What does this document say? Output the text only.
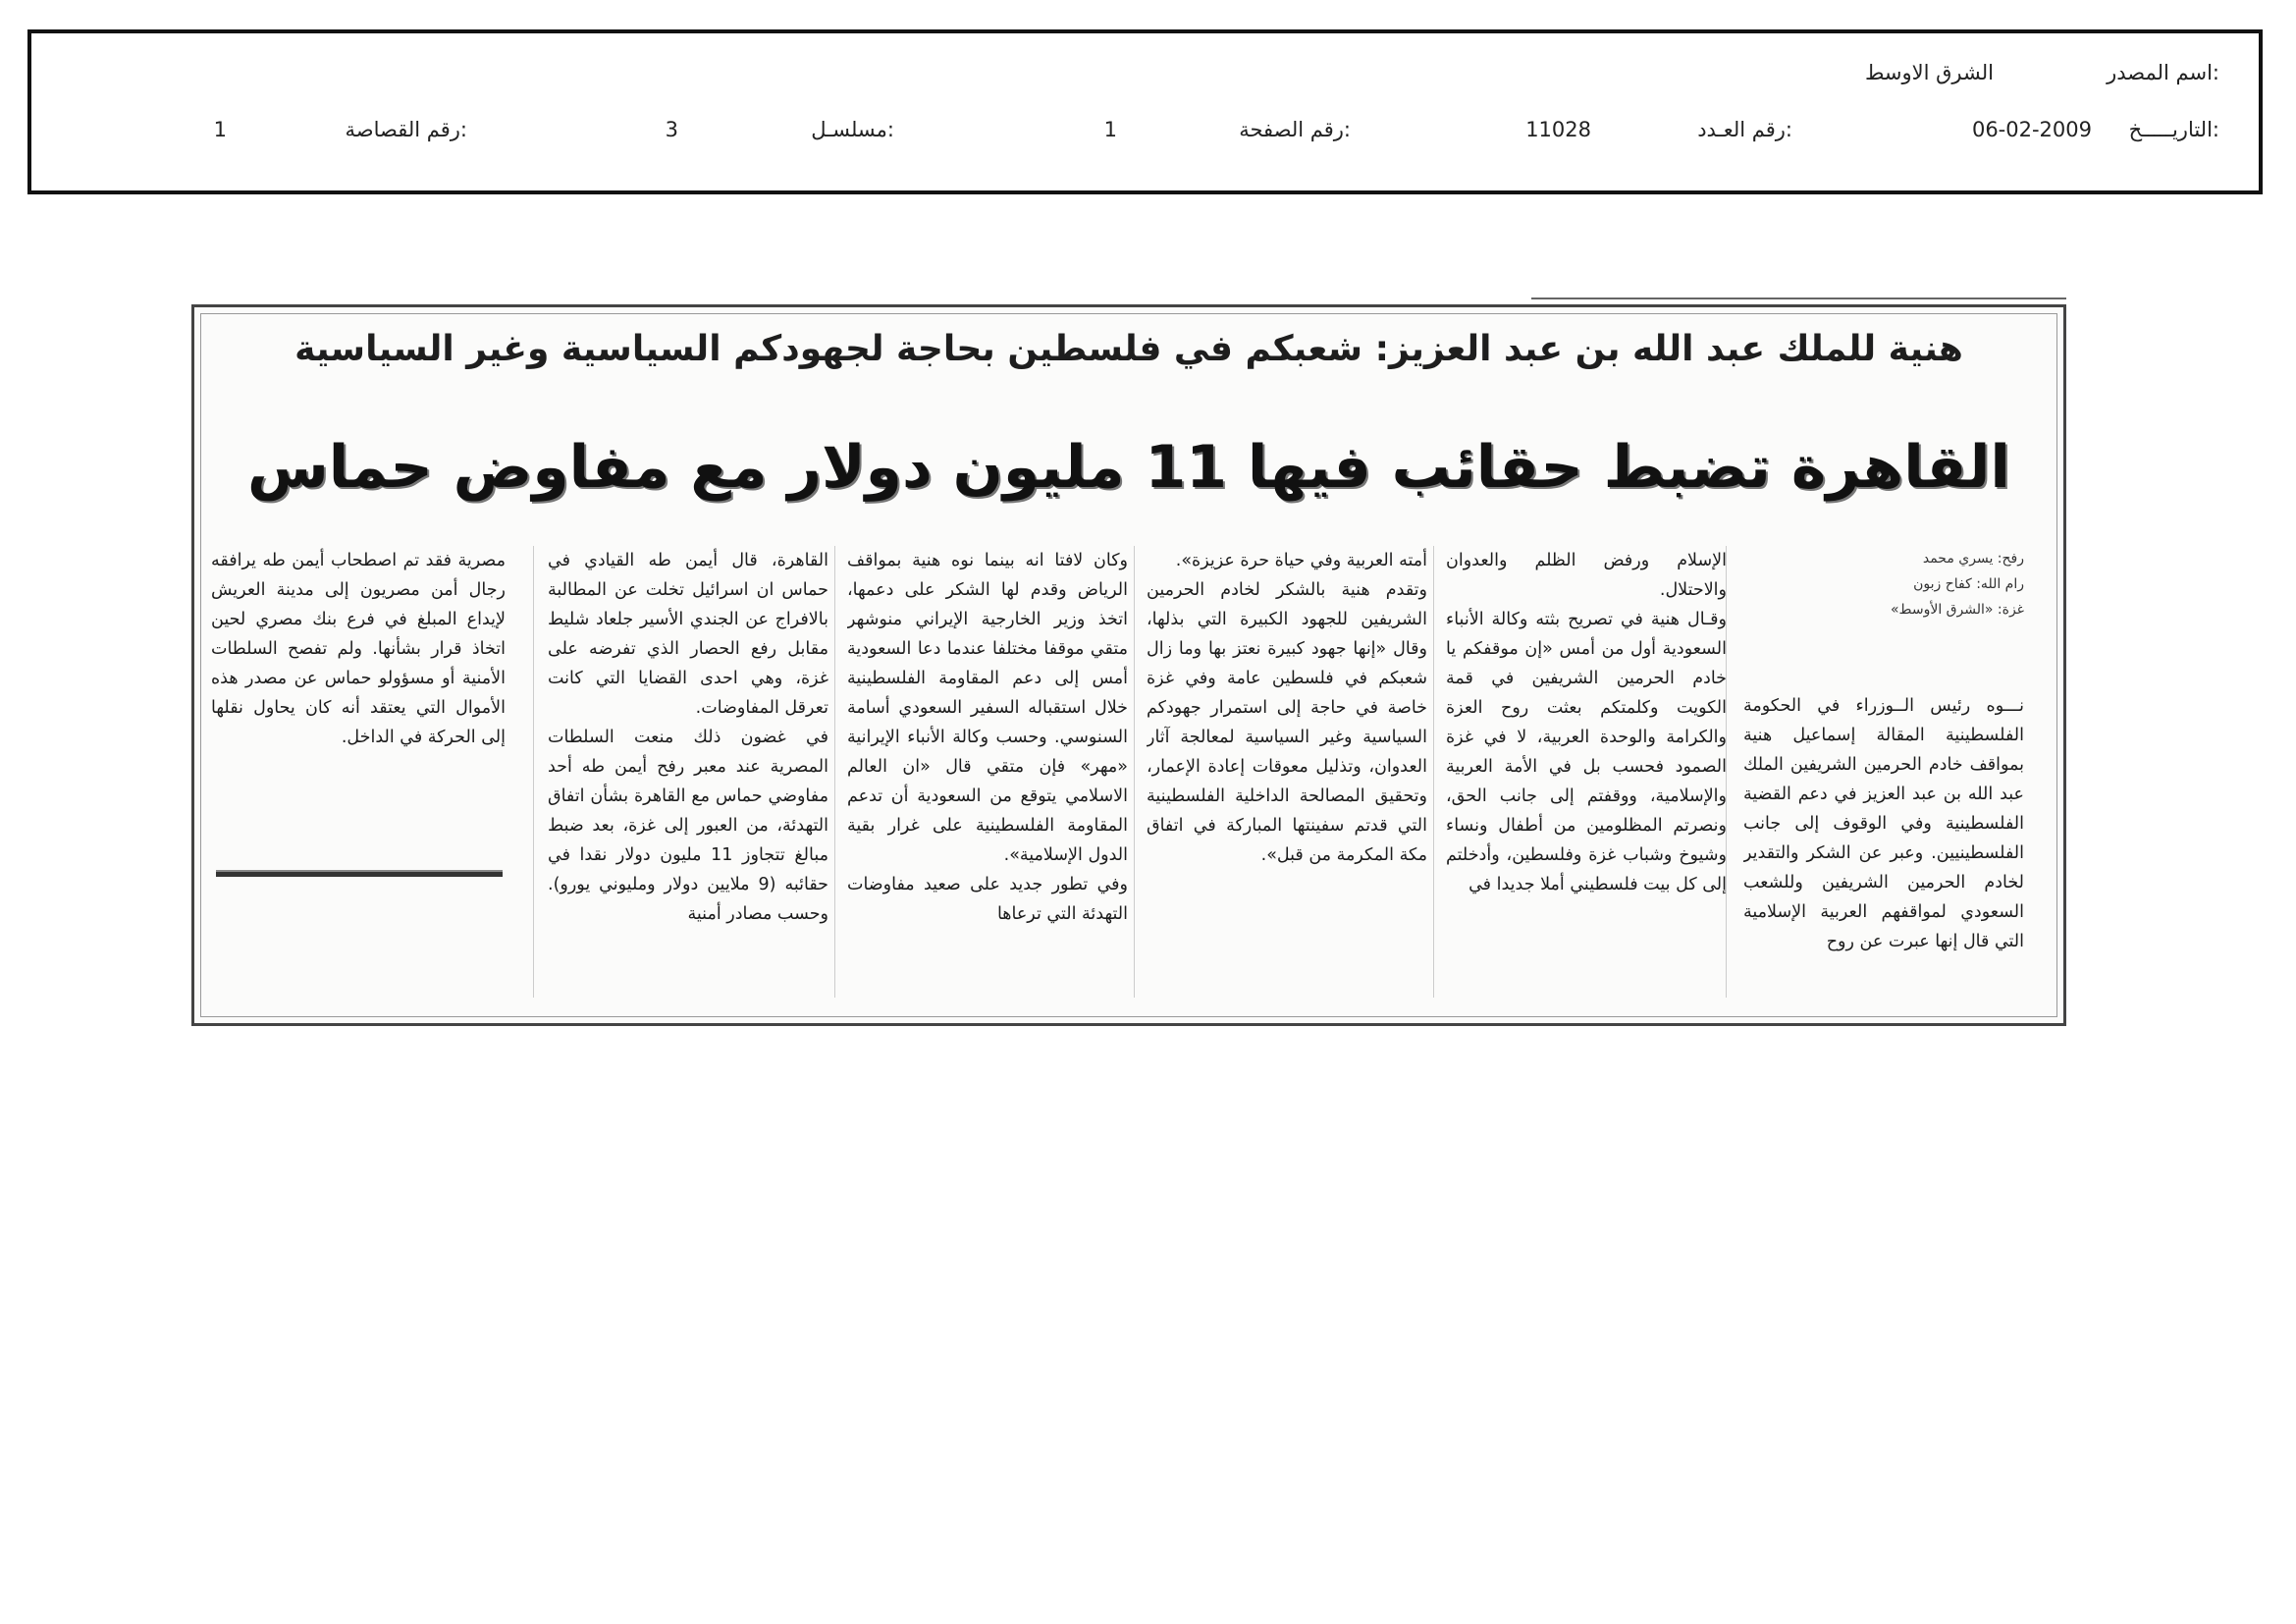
اسم المصدر:
الشرق الاوسط
التاريـــــخ:
06-02-2009
رقم العـدد:
11028
رقم الصفحة:
1
مسلسـل:
3
رقم القصاصة:
1
هنية للملك عبد الله بن عبد العزيز: شعبكم في فلسطين بحاجة لجهودكم السياسية وغير السياسية
القاهرة تضبط حقائب فيها 11 مليون دولار مع مفاوض حماس
رفح: يسري محمد
رام الله: كفاح زبون
غزة: «الشرق الأوسط»

نـــوه رئيس الــوزراء في الحكومة الفلسطينية المقالة إسماعيل هنية بمواقف خادم الحرمين الشريفين الملك عبد الله بن عبد العزيز في دعم القضية الفلسطينية وفي الوقوف إلى جانب الفلسطينيين. وعبر عن الشكر والتقدير لخادم الحرمين الشريفين وللشعب السعودي لمواقفهم العربية الإسلامية التي قال إنها عبرت عن روح

الإسلام ورفض الظلم والعدوان والاحتلال.
وقـال هنية في تصريح بثته وكالة الأنباء السعودية أول من أمس «إن موقفكم يا خادم الحرمين الشريفين في قمة الكويت وكلمتكم بعثت روح العزة والكرامة والوحدة العربية، لا في غزة الصمود فحسب بل في الأمة العربية والإسلامية، ووقفتم إلى جانب الحق، ونصرتم المظلومين من أطفال ونساء وشيوخ وشباب غزة وفلسطين، وأدخلتم إلى كل بيت فلسطيني أملا جديدا في

أمته العربية وفي حياة حرة عزيزة».
وتقدم هنية بالشكر لخادم الحرمين الشريفين للجهود الكبيرة التي بذلها، وقال «إنها جهود كبيرة نعتز بها وما زال شعبكم في فلسطين عامة وفي غزة خاصة في حاجة إلى استمرار جهودكم السياسية وغير السياسية لمعالجة آثار العدوان، وتذليل معوقات إعادة الإعمار، وتحقيق المصالحة الداخلية الفلسطينية التي قدتم سفينتها المباركة في اتفاق مكة المكرمة من قبل».

وكان لافتا انه بينما نوه هنية بمواقف الرياض وقدم لها الشكر على دعمها، اتخذ وزير الخارجية الإيراني منوشهر متقي موقفا مختلفا عندما دعا السعودية أمس إلى دعم المقاومة الفلسطينية خلال استقباله السفير السعودي أسامة السنوسي. وحسب وكالة الأنباء الإيرانية «مهر» فإن متقي قال «ان العالم الاسلامي يتوقع من السعودية أن تدعم المقاومة الفلسطينية على غرار بقية الدول الإسلامية».
وفي تطور جديد على صعيد مفاوضات التهدئة التي ترعاها

القاهرة، قال أيمن طه القيادي في حماس ان اسرائيل تخلت عن المطالبة بالافراج عن الجندي الأسير جلعاد شليط مقابل رفع الحصار الذي تفرضه على غزة، وهي احدى القضايا التي كانت تعرقل المفاوضات.
في غضون ذلك منعت السلطات المصرية عند معبر رفح أيمن طه أحد مفاوضي حماس مع القاهرة بشأن اتفاق التهدئة، من العبور إلى غزة، بعد ضبط مبالغ تتجاوز 11 مليون دولار نقدا في حقائبه (9 ملايين دولار ومليوني يورو). وحسب مصادر أمنية

مصرية فقد تم اصطحاب أيمن طه يرافقه رجال أمن مصريون إلى مدينة العريش لإيداع المبلغ في فرع بنك مصري لحين اتخاذ قرار بشأنها. ولم تفصح السلطات الأمنية أو مسؤولو حماس عن مصدر هذه الأموال التي يعتقد أنه كان يحاول نقلها إلى الحركة في الداخل.
